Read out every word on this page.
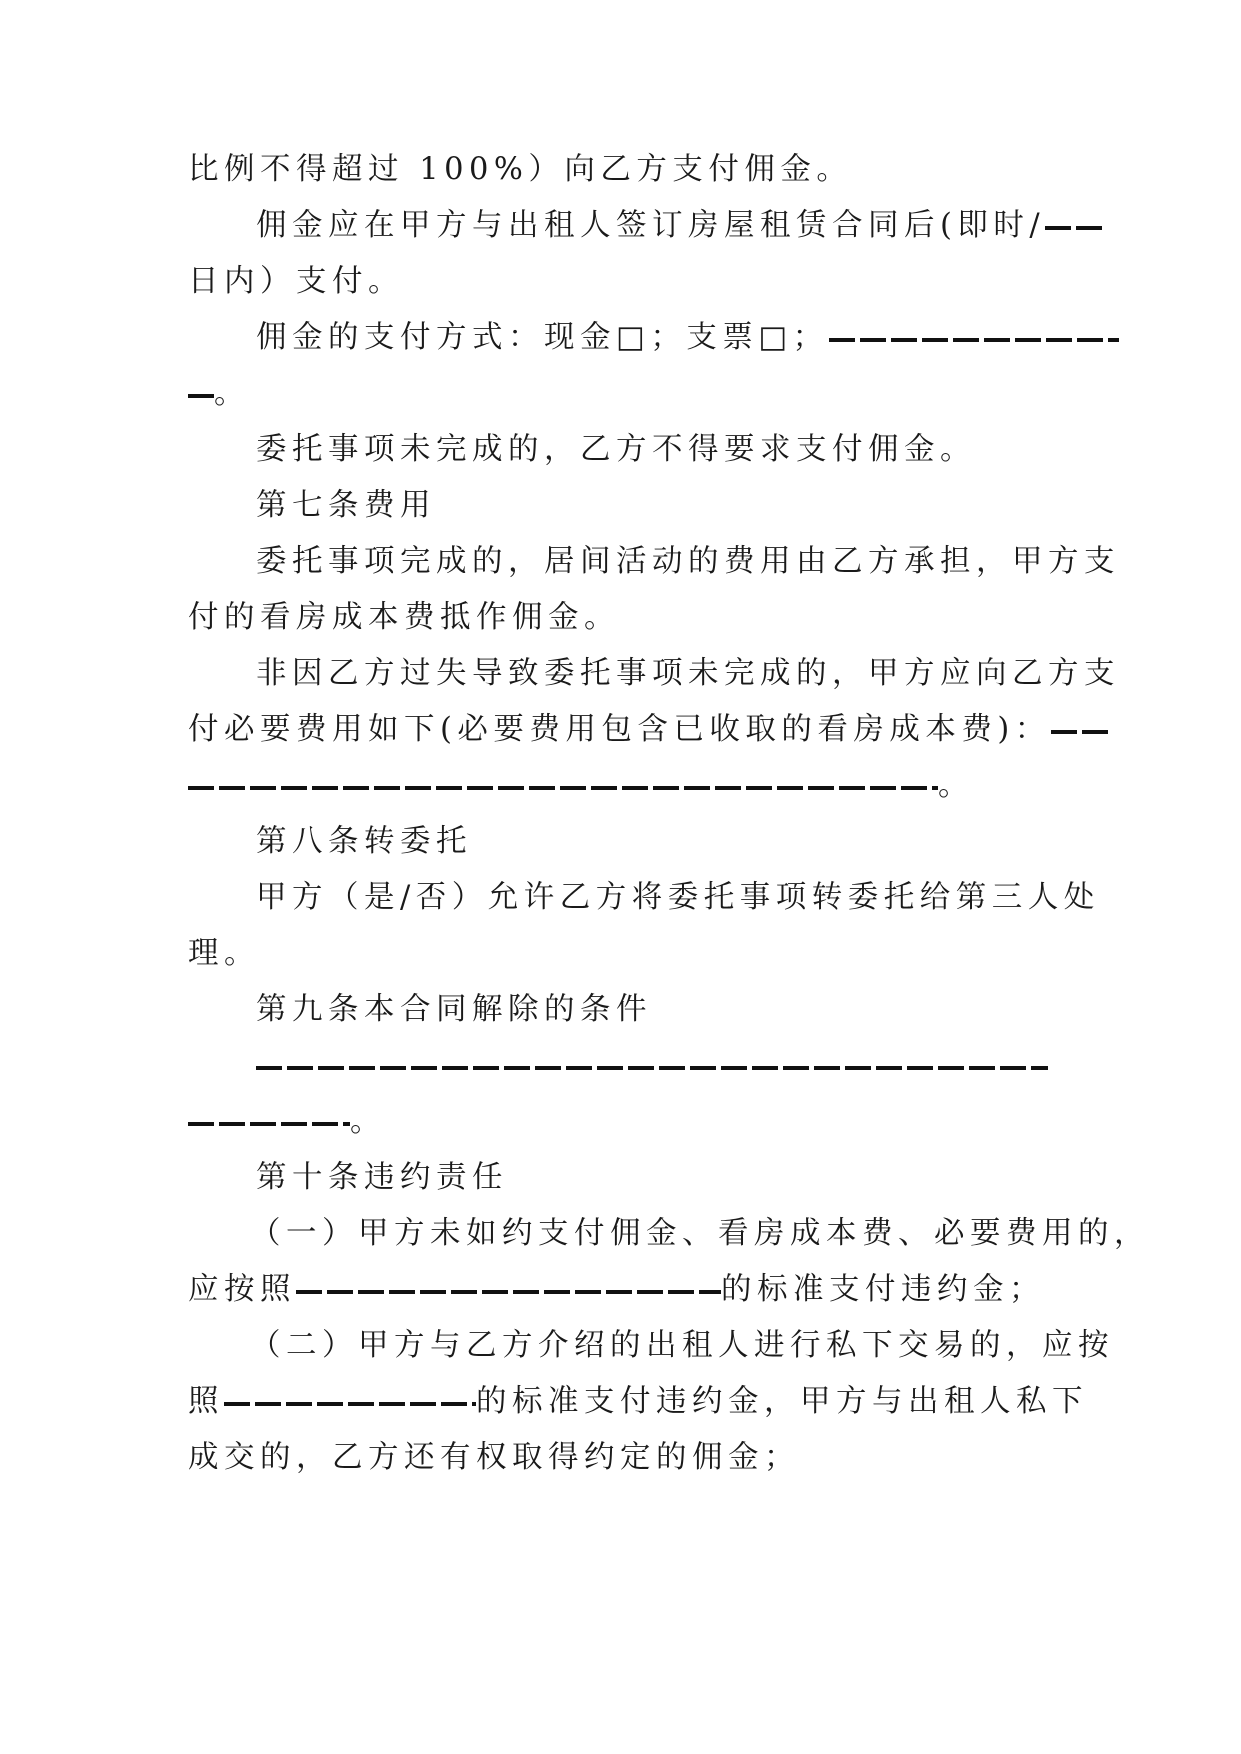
比例不得超过 100%）向乙方支付佣金。
佣金应在甲方与出租人签订房屋租赁合同后(即时/
日内）支付。
佣金的支付方式：现金□；支票□；
。
委托事项未完成的，乙方不得要求支付佣金。
第七条费用
委托事项完成的，居间活动的费用由乙方承担，甲方支
付的看房成本费抵作佣金。
非因乙方过失导致委托事项未完成的，甲方应向乙方支
付必要费用如下(必要费用包含已收取的看房成本费)：
。
第八条转委托
甲方（是/否）允许乙方将委托事项转委托给第三人处
理。
第九条本合同解除的条件
。
第十条违约责任
（一）甲方未如约支付佣金、看房成本费、必要费用的，
应按照	的标准支付违约金；
（二）甲方与乙方介绍的出租人进行私下交易的，应按
照	的标准支付违约金，甲方与出租人私下
成交的，乙方还有权取得约定的佣金；
